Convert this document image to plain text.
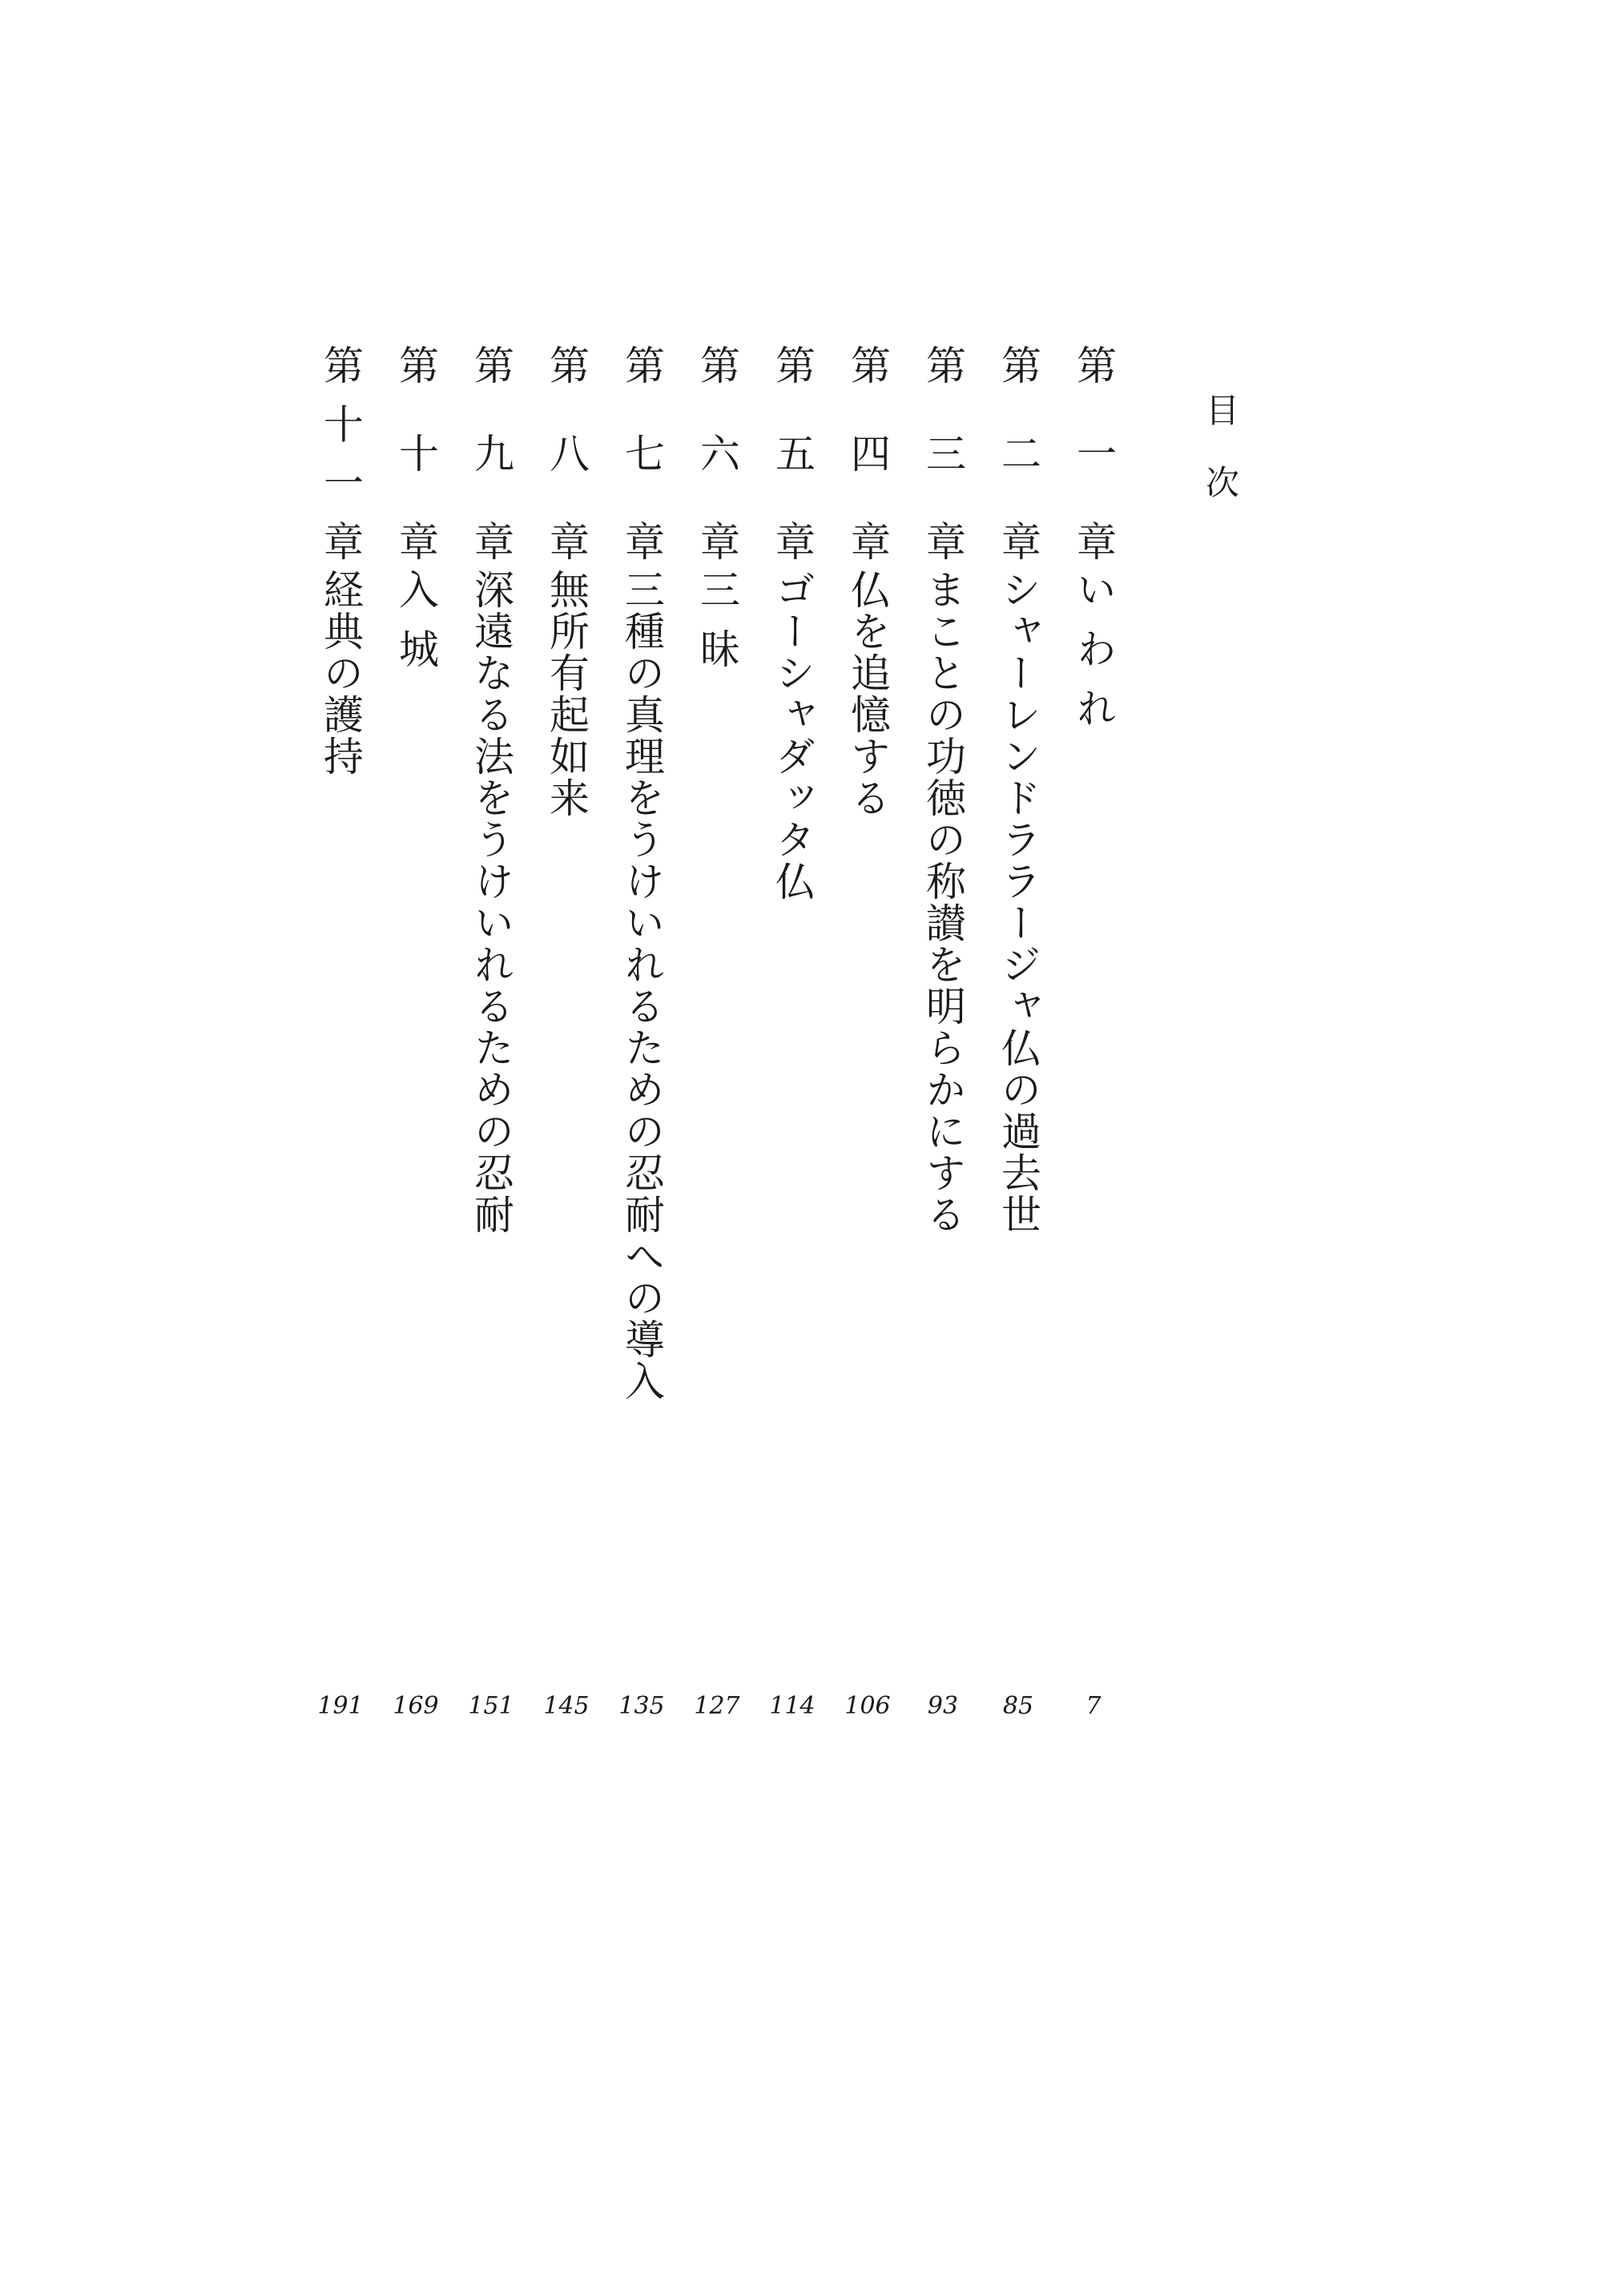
目次
第一章
いわれ
7
第二章
シャーレンドララージャ仏の過去世
85
第三章
まことの功徳の称讃を明らかにする
93
第四章
仏を追憶する
106
第五章
ゴーシャダッタ仏
114
第六章
三昧
127
第七章
三種の真理をうけいれるための忍耐への導入
135
第八章
無所有起如来
145
第九章
深遠なる法をうけいれるための忍耐
151
第十章
入城
169
第十一章
経典の護持
191
